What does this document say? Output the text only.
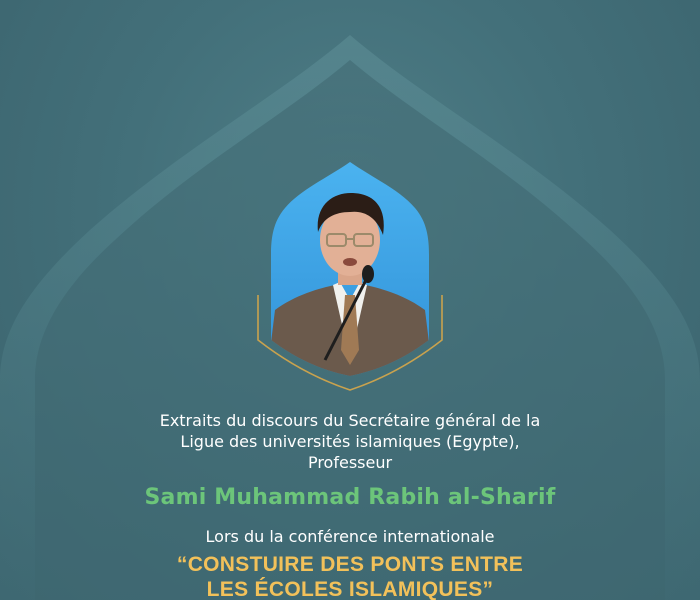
Extraits du discours du Secrétaire général de la
Ligue des universités islamiques (Egypte),
Professeur
Sami Muhammad Rabih al-Sharif
Lors du la conférence internationale
“CONSTUIRE DES PONTS ENTRE
LES ÉCOLES ISLAMIQUES”
